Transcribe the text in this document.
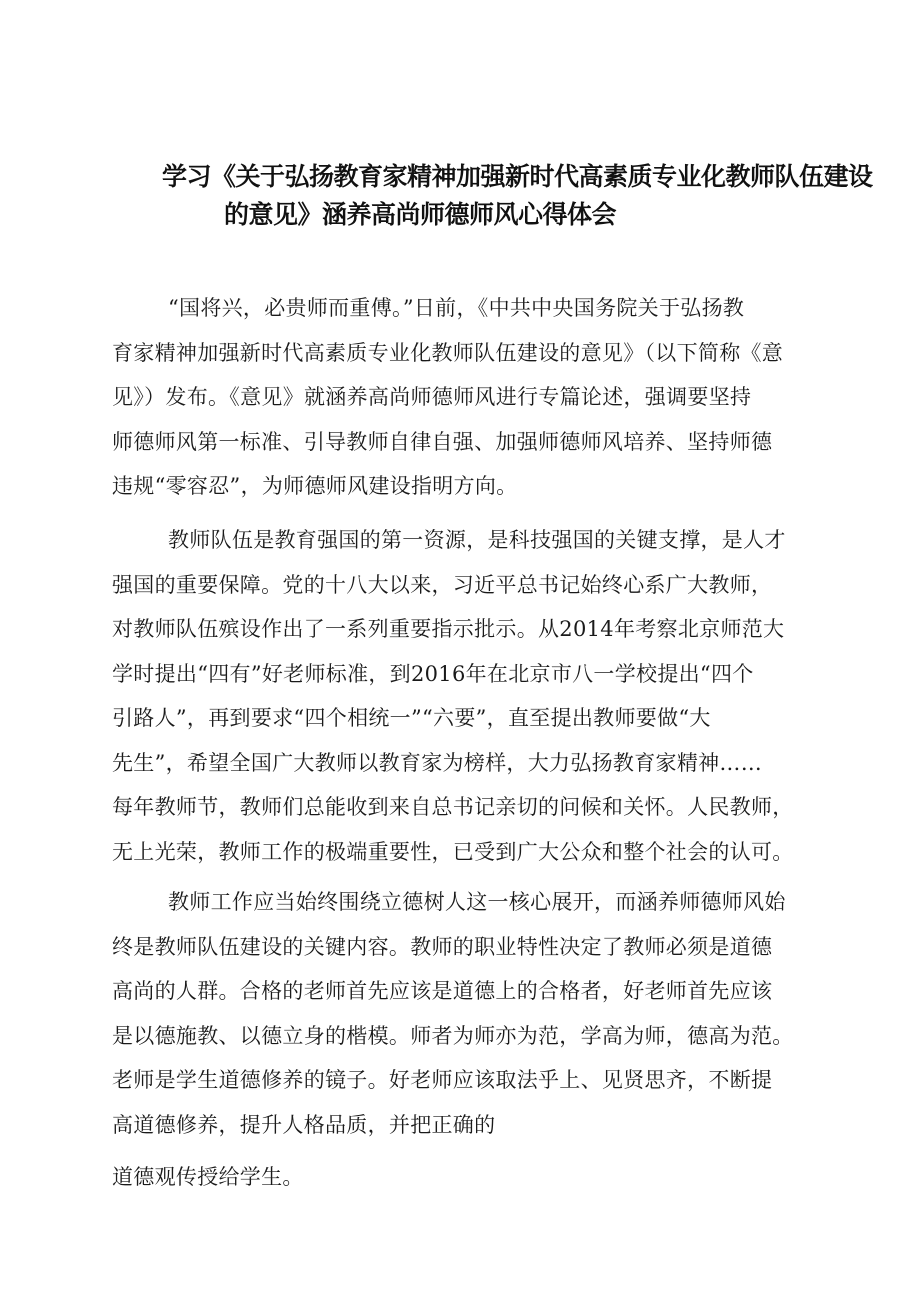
学习《关于弘扬教育家精神加强新时代高素质专业化教师队伍建设
的意见》涵养高尚师德师风心得体会

“国将兴，必贵师而重傅。”日前，《中共中央国务院关于弘扬教
育家精神加强新时代高素质专业化教师队伍建设的意见》（以下简称《意
见》）发布。《意见》就涵养高尚师德师风进行专篇论述，强调要坚持
师德师风第一标准、引导教师自律自强、加强师德师风培养、坚持师德
违规“零容忍”，为师德师风建设指明方向。

教师队伍是教育强国的第一资源，是科技强国的关键支撑，是人才
强国的重要保障。党的十八大以来，习近平总书记始终心系广大教师，
对教师队伍殡设作出了一系列重要指示批示。从2014年考察北京师范大
学时提出“四有”好老师标准，到2016年在北京市八一学校提出“四个
引路人”，再到要求“四个相统一”“六要”，直至提出教师要做“大
先生”，希望全国广大教师以教育家为榜样，大力弘扬教育家精神……
每年教师节，教师们总能收到来自总书记亲切的问候和关怀。人民教师，
无上光荣，教师工作的极端重要性，已受到广大公众和整个社会的认可。

教师工作应当始终围绕立德树人这一核心展开，而涵养师德师风始
终是教师队伍建设的关键内容。教师的职业特性决定了教师必须是道德
高尚的人群。合格的老师首先应该是道德上的合格者，好老师首先应该
是以德施教、以德立身的楷模。师者为师亦为范，学高为师，德高为范。
老师是学生道德修养的镜子。好老师应该取法乎上、见贤思齐，不断提
高道德修养，提升人格品质，并把正确的

道德观传授给学生。
